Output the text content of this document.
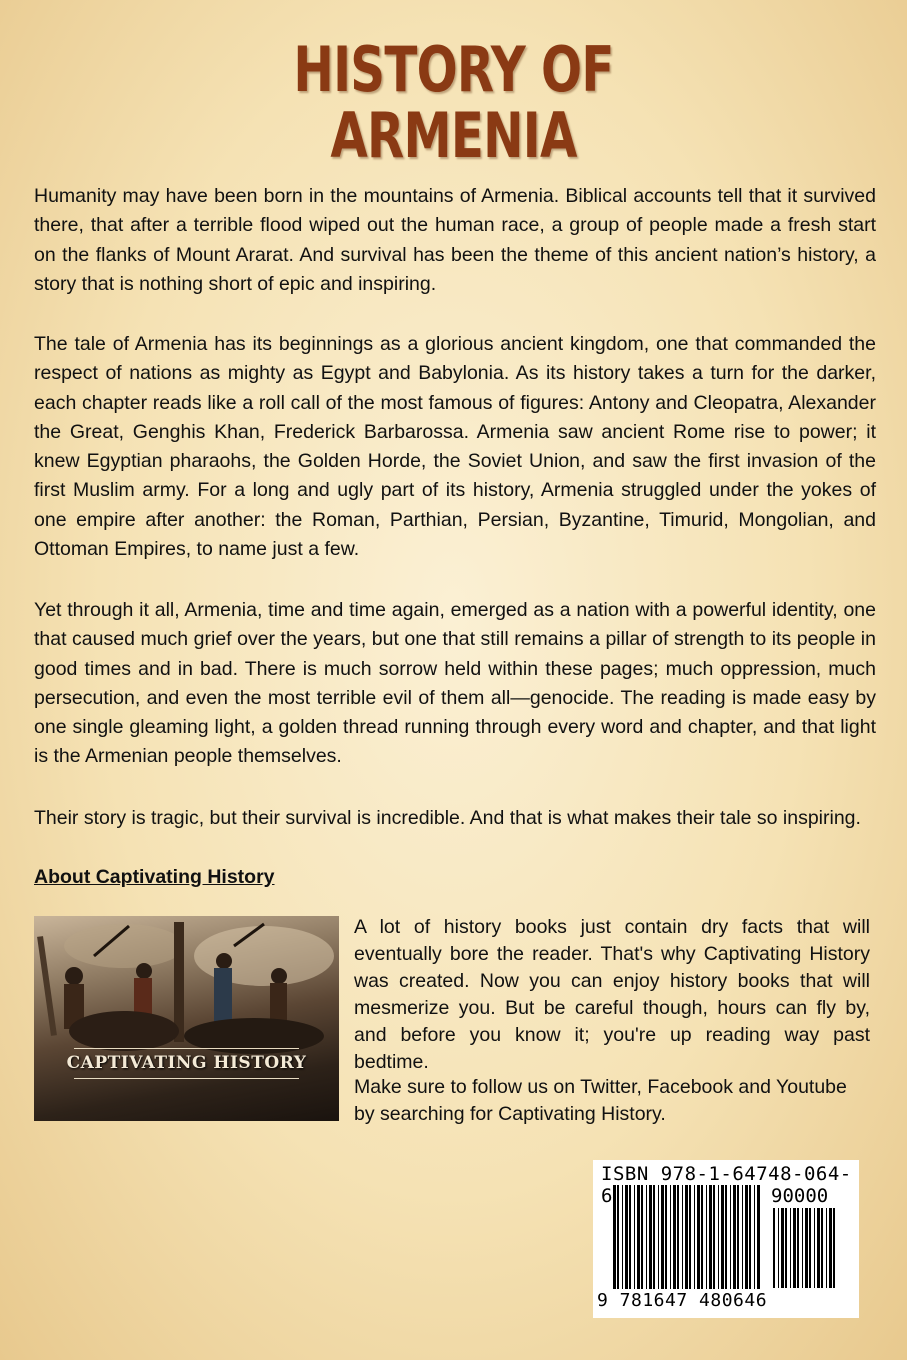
HISTORY OF
ARMENIA

Humanity may have been born in the mountains of Armenia. Biblical accounts tell that it survived there, that after a terrible flood wiped out the human race, a group of people made a fresh start on the flanks of Mount Ararat. And survival has been the theme of this ancient nation’s history, a story that is nothing short of epic and inspiring.

The tale of Armenia has its beginnings as a glorious ancient kingdom, one that commanded the respect of nations as mighty as Egypt and Babylonia. As its history takes a turn for the darker, each chapter reads like a roll call of the most famous of figures: Antony and Cleopatra, Alexander the Great, Genghis Khan, Frederick Barbarossa. Armenia saw ancient Rome rise to power; it knew Egyptian pharaohs, the Golden Horde, the Soviet Union, and saw the first invasion of the first Muslim army. For a long and ugly part of its history, Armenia struggled under the yokes of one empire after another: the Roman, Parthian, Persian, Byzantine, Timurid, Mongolian, and Ottoman Empires, to name just a few.

Yet through it all, Armenia, time and time again, emerged as a nation with a powerful identity, one that caused much grief over the years, but one that still remains a pillar of strength to its people in good times and in bad. There is much sorrow held within these pages; much oppression, much persecution, and even the most terrible evil of them all—genocide. The reading is made easy by one single gleaming light, a golden thread running through every word and chapter, and that light is the Armenian people themselves.

Their story is tragic, but their survival is incredible. And that is what makes their tale so inspiring.

About Captivating History

CAPTIVATING HISTORY

A lot of history books just contain dry facts that will eventually bore the reader. That's why Captivating History was created. Now you can enjoy history books that will mesmerize you. But be careful though, hours can fly by, and before you know it; you're up reading way past bedtime.

Make sure to follow us on Twitter, Facebook and Youtube by searching for Captivating History.

ISBN 978-1-64748-064-6	90000
9 781647 480646
